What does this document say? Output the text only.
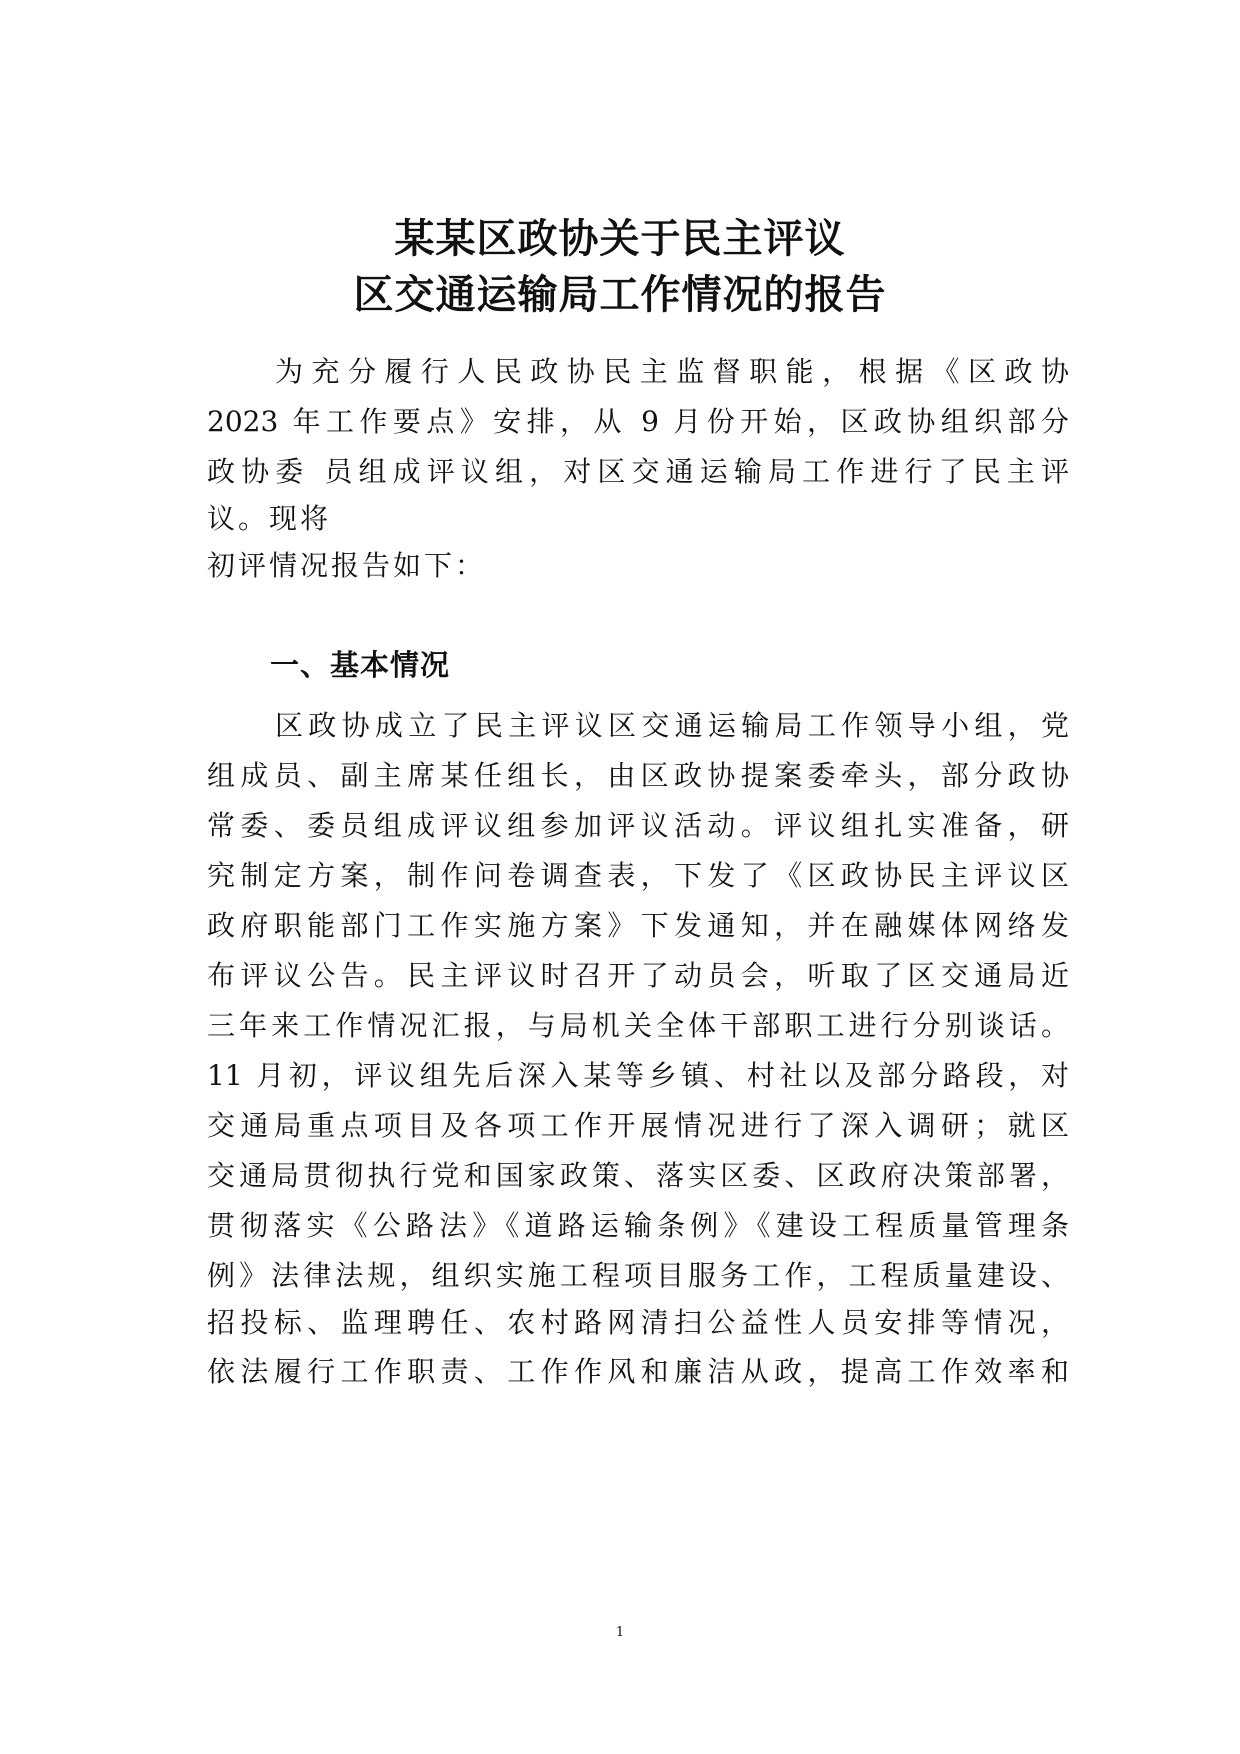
某某区政协关于民主评议
区交通运输局工作情况的报告
为充分履行人民政协民主监督职能，根据《区政协
2023 年工作要点》安排，从 9 月份开始，区政协组织部分
政协委 员组成评议组，对区交通运输局工作进行了民主评
议。现将
初评情况报告如下：
一、基本情况
区政协成立了民主评议区交通运输局工作领导小组，党
组成员、副主席某任组长，由区政协提案委牵头，部分政协
常委、委员组成评议组参加评议活动。评议组扎实准备，研
究制定方案，制作问卷调查表，下发了《区政协民主评议区
政府职能部门工作实施方案》下发通知，并在融媒体网络发
布评议公告。民主评议时召开了动员会，听取了区交通局近
三年来工作情况汇报，与局机关全体干部职工进行分别谈话。
11 月初，评议组先后深入某等乡镇、村社以及部分路段，对
交通局重点项目及各项工作开展情况进行了深入调研；就区
交通局贯彻执行党和国家政策、落实区委、区政府决策部署，
贯彻落实《公路法》《道路运输条例》《建设工程质量管理条
例》法律法规，组织实施工程项目服务工作，工程质量建设、
招投标、监理聘任、农村路网清扫公益性人员安排等情况，
依法履行工作职责、工作作风和廉洁从政，提高工作效率和
1
